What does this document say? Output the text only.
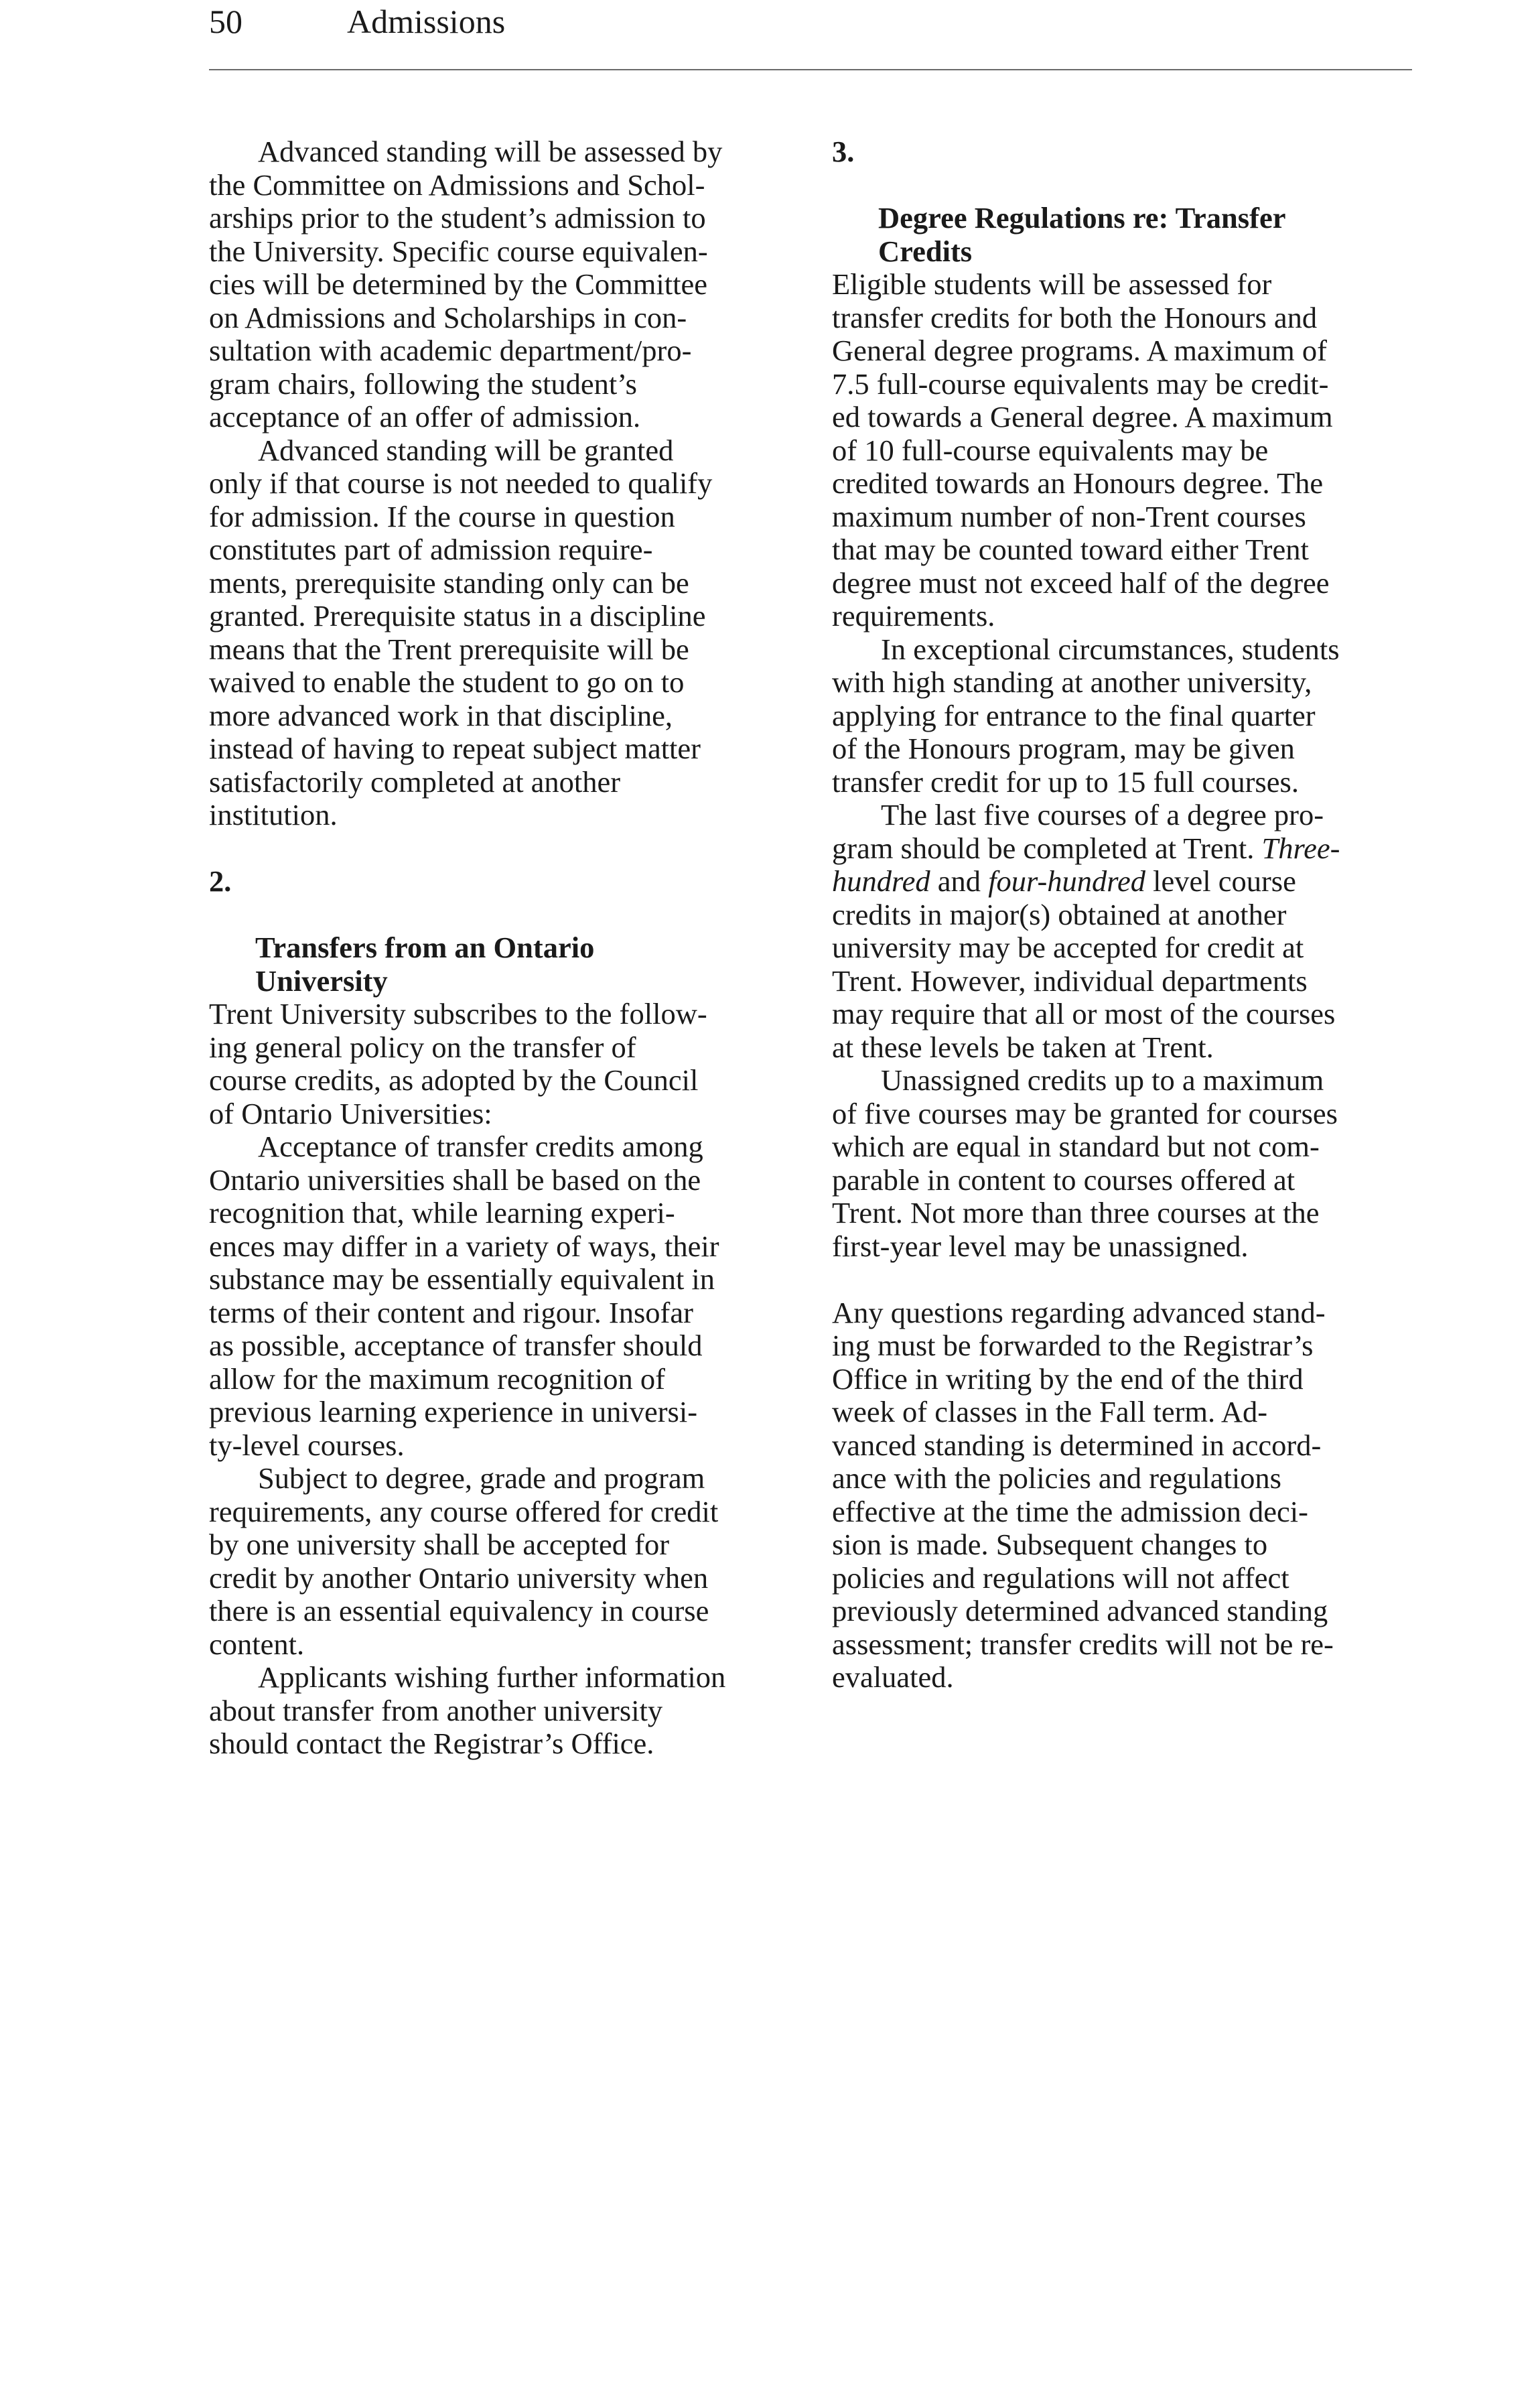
50	Admissions

Advanced standing will be assessed by
the Committee on Admissions and Schol-
arships prior to the student’s admission to
the University. Specific course equivalen-
cies will be determined by the Committee
on Admissions and Scholarships in con-
sultation with academic department/pro-
gram chairs, following the student’s
acceptance of an offer of admission.

Advanced standing will be granted
only if that course is not needed to qualify
for admission. If the course in question
constitutes part of admission require-
ments, prerequisite standing only can be
granted. Prerequisite status in a discipline
means that the Trent prerequisite will be
waived to enable the student to go on to
more advanced work in that discipline,
instead of having to repeat subject matter
satisfactorily completed at another
institution.

2.

Transfers from an Ontario
University

Trent University subscribes to the follow-
ing general policy on the transfer of
course credits, as adopted by the Council
of Ontario Universities:

Acceptance of transfer credits among
Ontario universities shall be based on the
recognition that, while learning experi-
ences may differ in a variety of ways, their
substance may be essentially equivalent in
terms of their content and rigour. Insofar
as possible, acceptance of transfer should
allow for the maximum recognition of
previous learning experience in universi-
ty-level courses.

Subject to degree, grade and program
requirements, any course offered for credit
by one university shall be accepted for
credit by another Ontario university when
there is an essential equivalency in course
content.

Applicants wishing further information
about transfer from another university
should contact the Registrar’s Office.

3.

Degree Regulations re: Transfer
Credits

Eligible students will be assessed for
transfer credits for both the Honours and
General degree programs. A maximum of
7.5 full-course equivalents may be credit-
ed towards a General degree. A maximum
of 10 full-course equivalents may be
credited towards an Honours degree. The
maximum number of non-Trent courses
that may be counted toward either Trent
degree must not exceed half of the degree
requirements.

In exceptional circumstances, students
with high standing at another university,
applying for entrance to the final quarter
of the Honours program, may be given
transfer credit for up to 15 full courses.

The last five courses of a degree pro-
gram should be completed at Trent. Three-
hundred and four-hundred level course
credits in major(s) obtained at another
university may be accepted for credit at
Trent. However, individual departments
may require that all or most of the courses
at these levels be taken at Trent.

Unassigned credits up to a maximum
of five courses may be granted for courses
which are equal in standard but not com-
parable in content to courses offered at
Trent. Not more than three courses at the
first-year level may be unassigned.

Any questions regarding advanced stand-
ing must be forwarded to the Registrar’s
Office in writing by the end of the third
week of classes in the Fall term. Ad-
vanced standing is determined in accord-
ance with the policies and regulations
effective at the time the admission deci-
sion is made. Subsequent changes to
policies and regulations will not affect
previously determined advanced standing
assessment; transfer credits will not be re-
evaluated.
